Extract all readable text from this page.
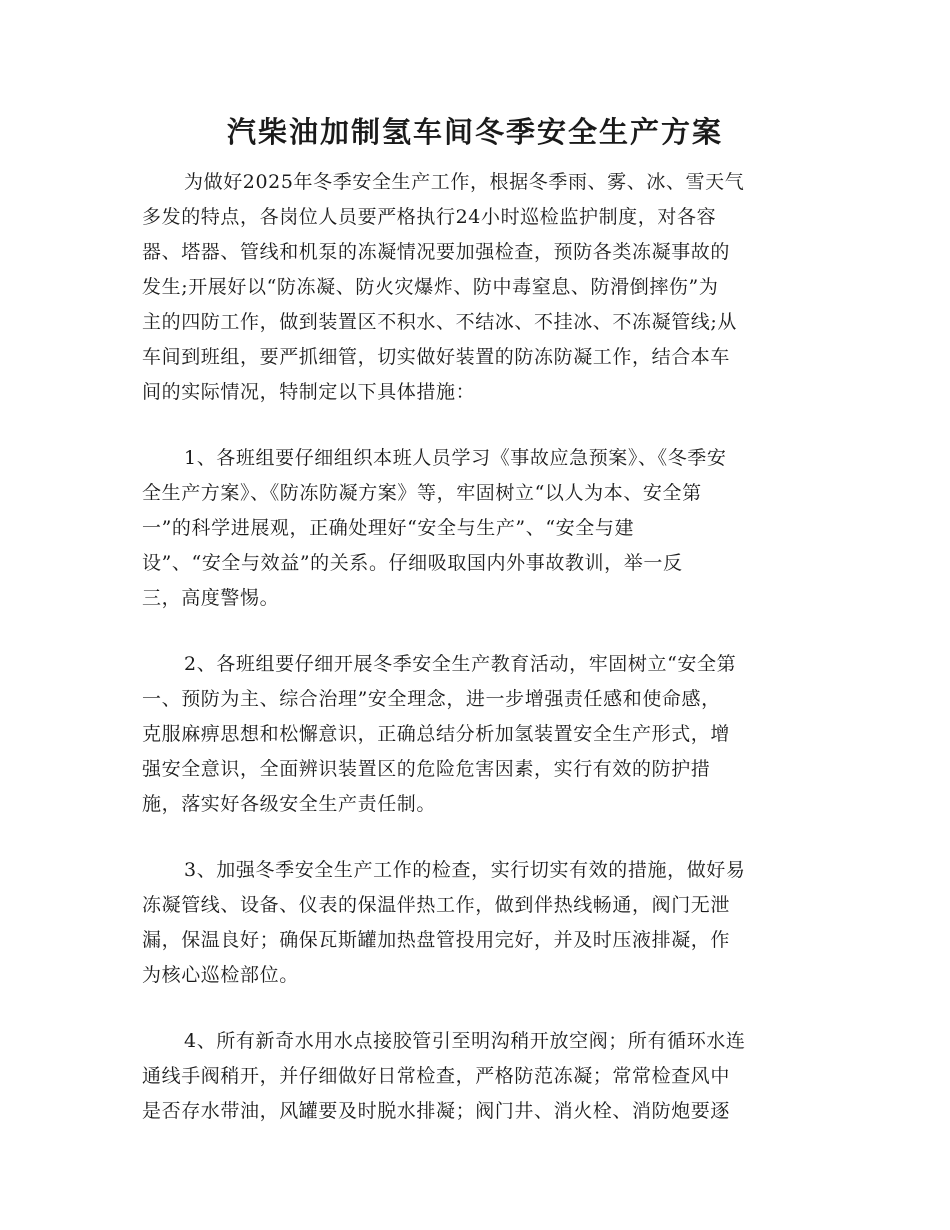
汽柴油加制氢车间冬季安全生产方案
为做好2025年冬季安全生产工作，根据冬季雨、雾、冰、雪天气
多发的特点，各岗位人员要严格执行24小时巡检监护制度，对各容
器、塔器、管线和机泵的冻凝情况要加强检查，预防各类冻凝事故的
发生;开展好以“防冻凝、防火灾爆炸、防中毒窒息、防滑倒摔伤”为
主的四防工作，做到装置区不积水、不结冰、不挂冰、不冻凝管线;从
车间到班组，要严抓细管，切实做好装置的防冻防凝工作，结合本车
间的实际情况，特制定以下具体措施：
1、各班组要仔细组织本班人员学习《事故应急预案》、《冬季安
全生产方案》、《防冻防凝方案》等，牢固树立“以人为本、安全第
一”的科学进展观，正确处理好“安全与生产”、“安全与建
设”、“安全与效益”的关系。仔细吸取国内外事故教训，举一反
三，高度警惕。
2、各班组要仔细开展冬季安全生产教育活动，牢固树立“安全第
一、预防为主、综合治理”安全理念，进一步增强责任感和使命感，
克服麻痹思想和松懈意识，正确总结分析加氢装置安全生产形式，增
强安全意识，全面辨识装置区的危险危害因素，实行有效的防护措
施，落实好各级安全生产责任制。
3、加强冬季安全生产工作的检查，实行切实有效的措施，做好易
冻凝管线、设备、仪表的保温伴热工作，做到伴热线畅通，阀门无泄
漏，保温良好；确保瓦斯罐加热盘管投用完好，并及时压液排凝，作
为核心巡检部位。
4、所有新奇水用水点接胶管引至明沟稍开放空阀；所有循环水连
通线手阀稍开，并仔细做好日常检查，严格防范冻凝；常常检查风中
是否存水带油，风罐要及时脱水排凝；阀门井、消火栓、消防炮要逐
